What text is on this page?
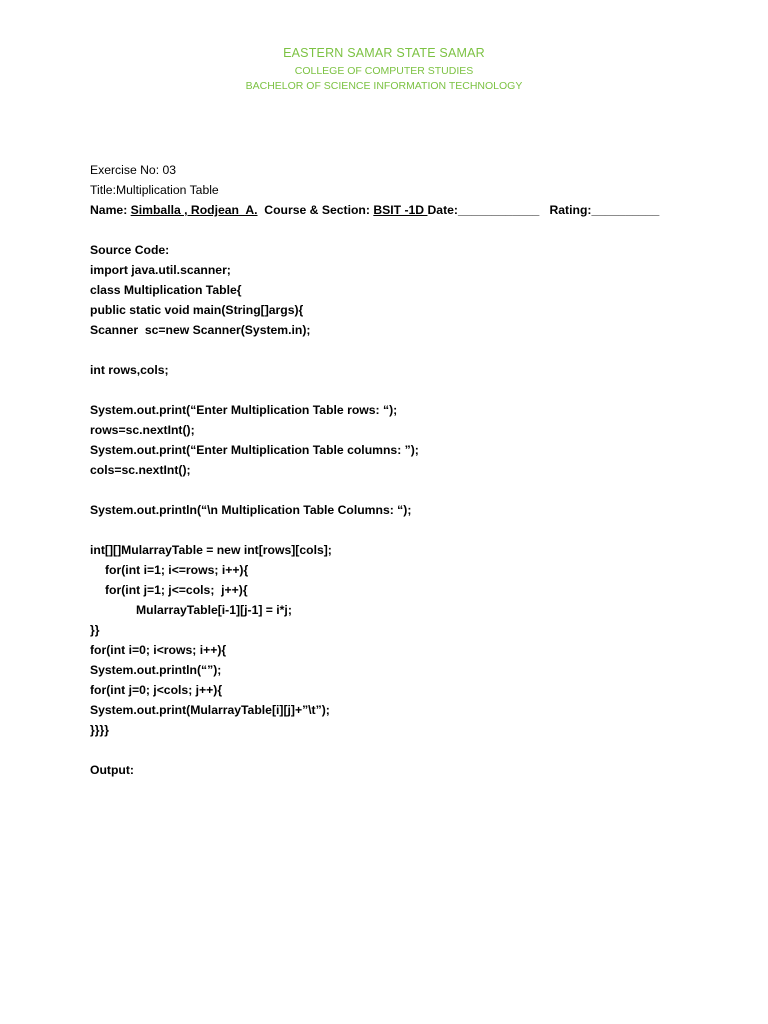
EASTERN SAMAR STATE SAMAR
COLLEGE OF COMPUTER STUDIES
BACHELOR OF SCIENCE INFORMATION TECHNOLOGY
Exercise No: 03
Title:Multiplication Table
Name: Simballa , Rodjean  A.  Course & Section: BSIT -1D Date:____________   Rating:__________
Source Code:
import java.util.scanner;
class Multiplication Table{
public static void main(String[]args){
Scanner  sc=new Scanner(System.in);
int rows,cols;
System.out.print(“Enter Multiplication Table rows: “);
rows=sc.nextInt();
System.out.print(“Enter Multiplication Table columns: ”);
cols=sc.nextInt();
System.out.println(“\n Multiplication Table Columns: “);
int[][]MularrayTable = new int[rows][cols];
for(int i=1; i<=rows; i++){
for(int j=1; j<=cols;  j++){
MularrayTable[i-1][j-1] = i*j;
}}
for(int i=0; i<rows; i++){
System.out.println(“”);
for(int j=0; j<cols; j++){
System.out.print(MularrayTable[i][j]+”\t”);
}}}}
Output:
